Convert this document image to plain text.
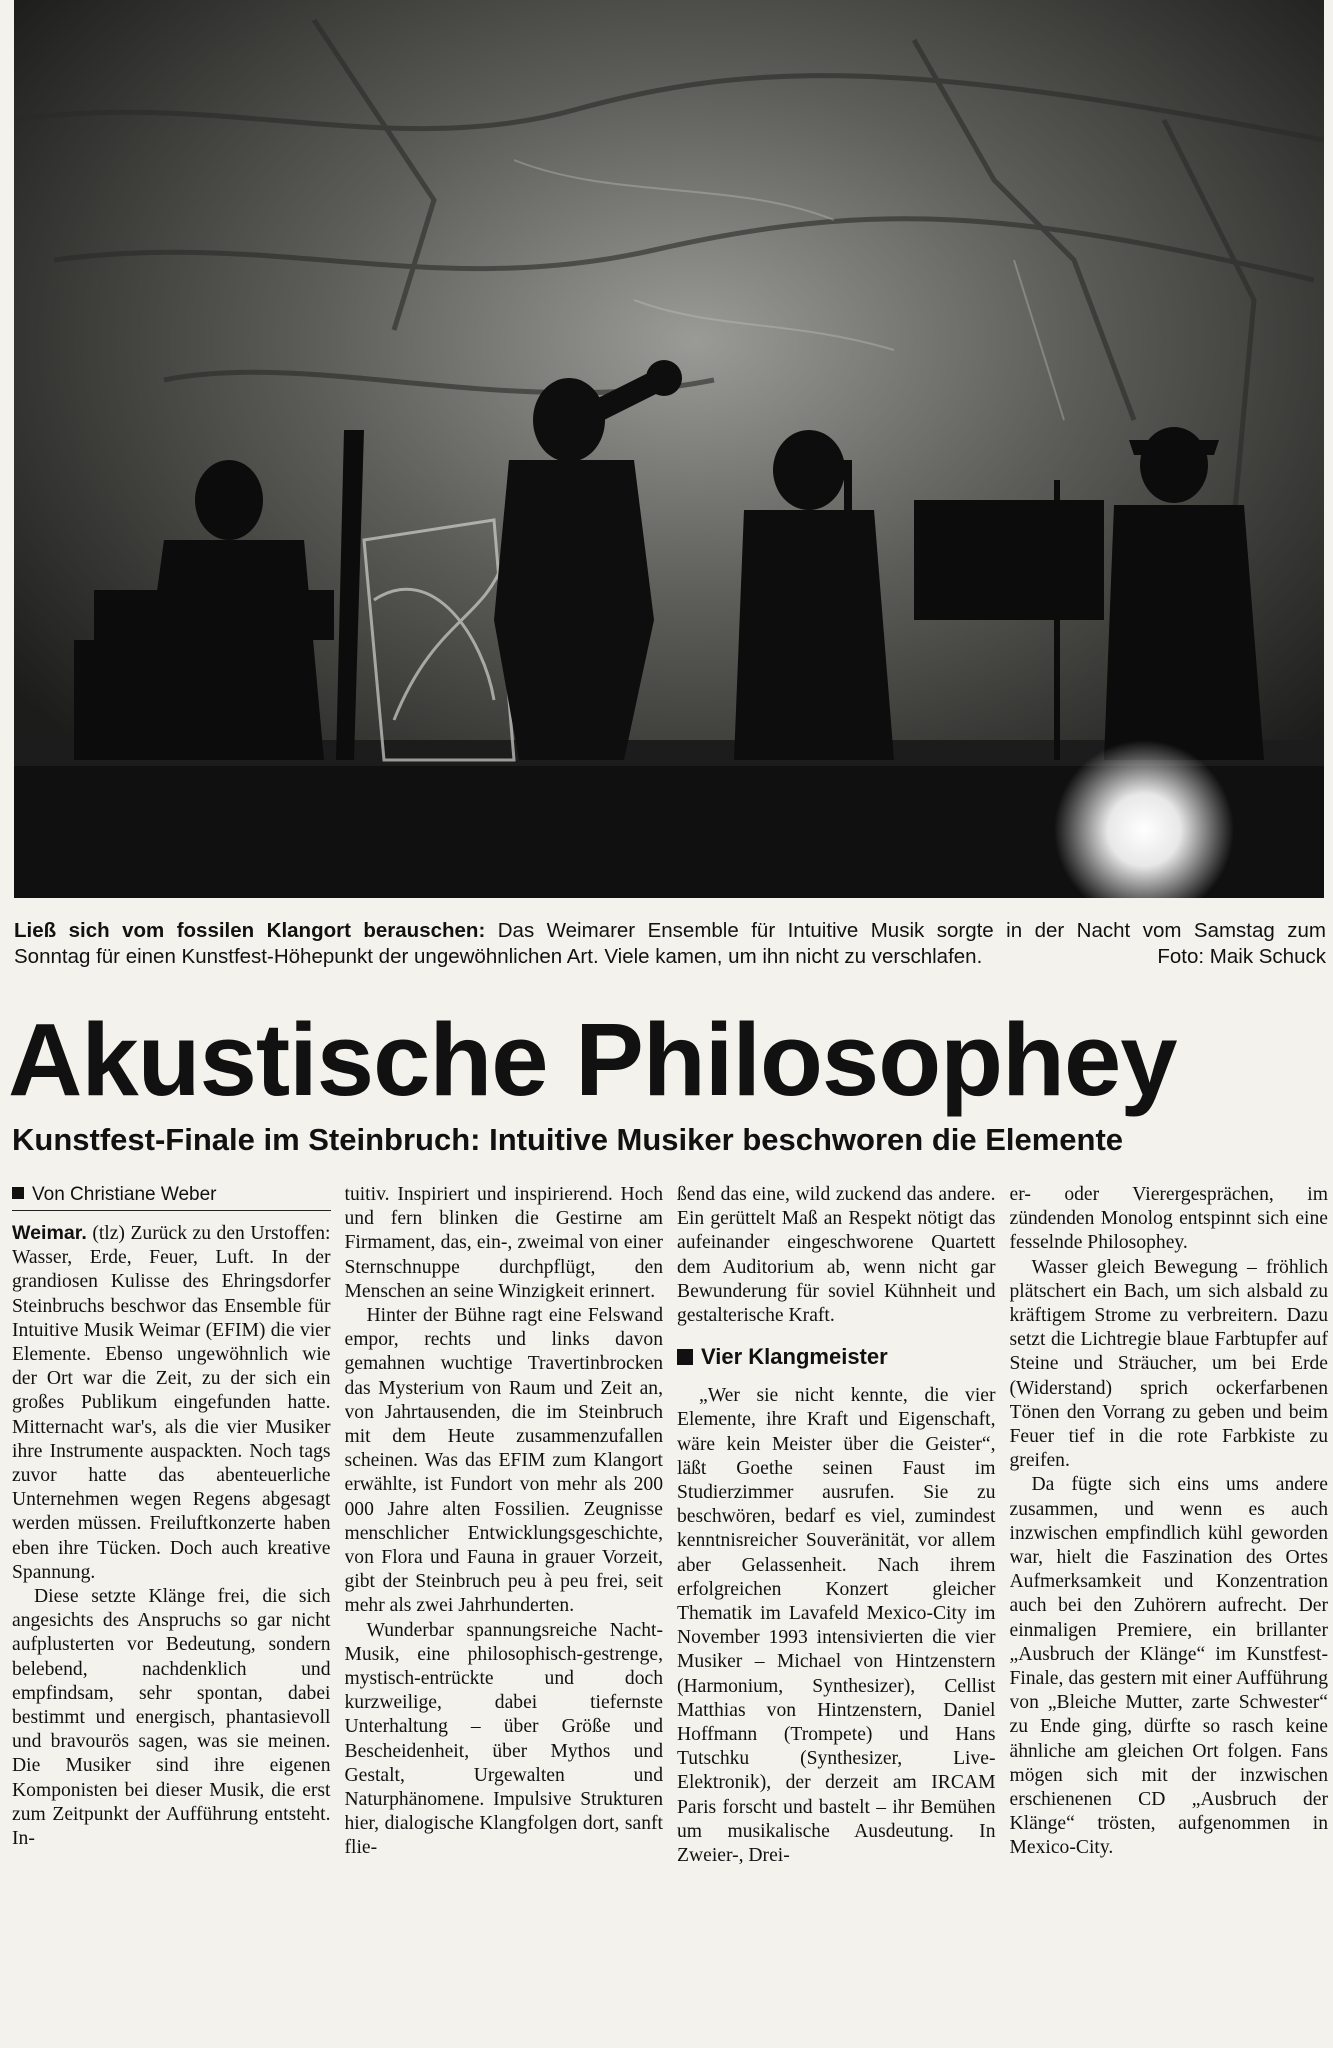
Ließ sich vom fossilen Klangort berauschen: Das Weimarer Ensemble für Intuitive Musik sorgte in der Nacht vom Samstag zum
Sonntag für einen Kunstfest-Höhepunkt der ungewöhnlichen Art. Viele kamen, um ihn nicht zu verschlafen.	Foto: Maik Schuck
Akustische Philosophey
Kunstfest-Finale im Steinbruch: Intuitive Musiker beschworen die Elemente
Von Christiane Weber

Weimar. (tlz) Zurück zu den Urstoffen: Wasser, Erde, Feuer, Luft. In der grandiosen Kulisse des Ehringsdorfer Steinbruchs beschwor das Ensemble für Intuitive Musik Weimar (EFIM) die vier Elemente. Ebenso ungewöhnlich wie der Ort war die Zeit, zu der sich ein großes Publikum eingefunden hatte. Mitternacht war's, als die vier Musiker ihre Instrumente auspackten. Noch tags zuvor hatte das abenteuerliche Unternehmen wegen Regens abgesagt werden müssen. Freiluftkonzerte haben eben ihre Tücken. Doch auch kreative Spannung.

Diese setzte Klänge frei, die sich angesichts des Anspruchs so gar nicht aufplusterten vor Bedeutung, sondern belebend, nachdenklich und empfindsam, sehr spontan, dabei bestimmt und energisch, phantasievoll und bravourös sagen, was sie meinen. Die Musiker sind ihre eigenen Komponisten bei dieser Musik, die erst zum Zeitpunkt der Aufführung entsteht. In-

tuitiv. Inspiriert und inspirierend. Hoch und fern blinken die Gestirne am Firmament, das, ein-, zweimal von einer Sternschnuppe durchpflügt, den Menschen an seine Winzigkeit erinnert.

Hinter der Bühne ragt eine Felswand empor, rechts und links davon gemahnen wuchtige Travertinbrocken das Mysterium von Raum und Zeit an, von Jahrtausenden, die im Steinbruch mit dem Heute zusammenzufallen scheinen. Was das EFIM zum Klangort erwählte, ist Fundort von mehr als 200 000 Jahre alten Fossilien. Zeugnisse menschlicher Entwicklungsgeschichte, von Flora und Fauna in grauer Vorzeit, gibt der Steinbruch peu à peu frei, seit mehr als zwei Jahrhunderten.

Wunderbar spannungsreiche Nacht-Musik, eine philosophisch-gestrenge, mystisch-entrückte und doch kurzweilige, dabei tiefernste Unterhaltung – über Größe und Bescheidenheit, über Mythos und Gestalt, Urgewalten und Naturphänomene. Impulsive Strukturen hier, dialogische Klangfolgen dort, sanft flie-

ßend das eine, wild zuckend das andere. Ein gerüttelt Maß an Respekt nötigt das aufeinander eingeschworene Quartett dem Auditorium ab, wenn nicht gar Bewunderung für soviel Kühnheit und gestalterische Kraft.

Vier Klangmeister

„Wer sie nicht kennte, die vier Elemente, ihre Kraft und Eigenschaft, wäre kein Meister über die Geister“, läßt Goethe seinen Faust im Studierzimmer ausrufen. Sie zu beschwören, bedarf es viel, zumindest kenntnisreicher Souveränität, vor allem aber Gelassenheit. Nach ihrem erfolgreichen Konzert gleicher Thematik im Lavafeld Mexico-City im November 1993 intensivierten die vier Musiker – Michael von Hintzenstern (Harmonium, Synthesizer), Cellist Matthias von Hintzenstern, Daniel Hoffmann (Trompete) und Hans Tutschku (Synthesizer, Live-Elektronik), der derzeit am IRCAM Paris forscht und bastelt – ihr Bemühen um musikalische Ausdeutung. In Zweier-, Drei-

er- oder Vierergesprächen, im zündenden Monolog entspinnt sich eine fesselnde Philosophey.

Wasser gleich Bewegung – fröhlich plätschert ein Bach, um sich alsbald zu kräftigem Strome zu verbreitern. Dazu setzt die Lichtregie blaue Farbtupfer auf Steine und Sträucher, um bei Erde (Widerstand) sprich ockerfarbenen Tönen den Vorrang zu geben und beim Feuer tief in die rote Farbkiste zu greifen.

Da fügte sich eins ums andere zusammen, und wenn es auch inzwischen empfindlich kühl geworden war, hielt die Faszination des Ortes Aufmerksamkeit und Konzentration auch bei den Zuhörern aufrecht. Der einmaligen Premiere, ein brillanter „Ausbruch der Klänge“ im Kunstfest-Finale, das gestern mit einer Aufführung von „Bleiche Mutter, zarte Schwester“ zu Ende ging, dürfte so rasch keine ähnliche am gleichen Ort folgen. Fans mögen sich mit der inzwischen erschienenen CD „Ausbruch der Klänge“ trösten, aufgenommen in Mexico-City.
